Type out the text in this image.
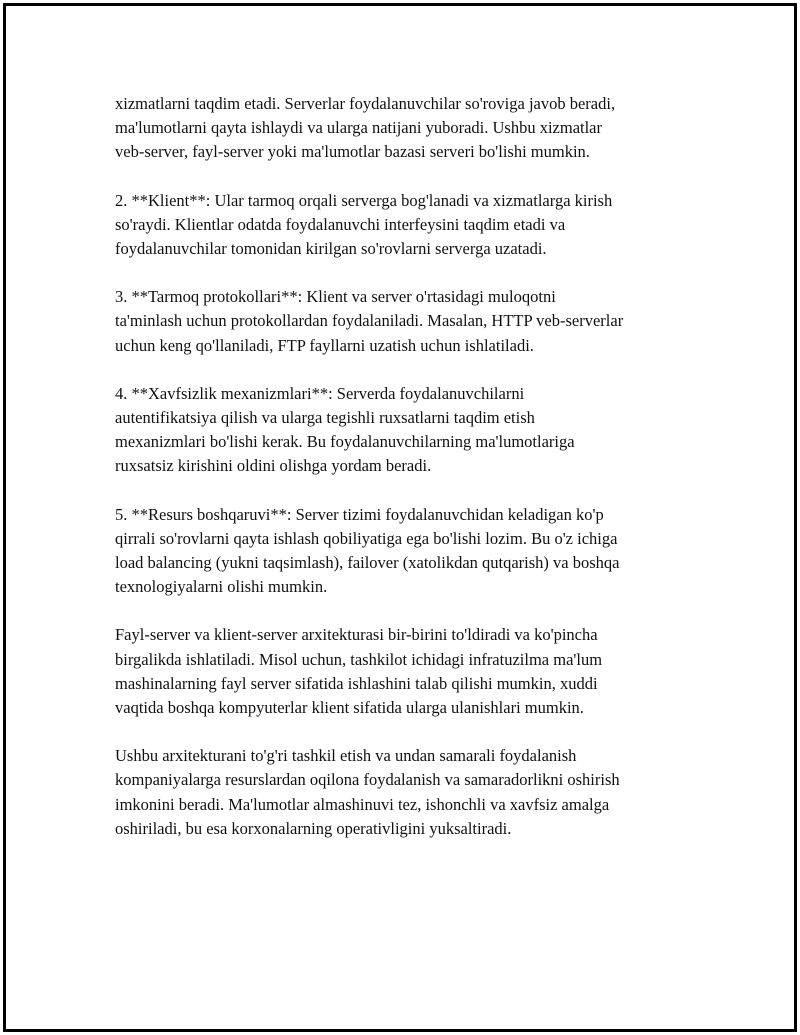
xizmatlarni taqdim etadi. Serverlar foydalanuvchilar so'roviga javob beradi,
ma'lumotlarni qayta ishlaydi va ularga natijani yuboradi. Ushbu xizmatlar
veb-server, fayl-server yoki ma'lumotlar bazasi serveri bo'lishi mumkin.

2. **Klient**: Ular tarmoq orqali serverga bog'lanadi va xizmatlarga kirish
so'raydi. Klientlar odatda foydalanuvchi interfeysini taqdim etadi va
foydalanuvchilar tomonidan kirilgan so'rovlarni serverga uzatadi.

3. **Tarmoq protokollari**: Klient va server o'rtasidagi muloqotni
ta'minlash uchun protokollardan foydalaniladi. Masalan, HTTP veb-serverlar
uchun keng qo'llaniladi, FTP fayllarni uzatish uchun ishlatiladi.

4. **Xavfsizlik mexanizmlari**: Serverda foydalanuvchilarni
autentifikatsiya qilish va ularga tegishli ruxsatlarni taqdim etish
mexanizmlari bo'lishi kerak. Bu foydalanuvchilarning ma'lumotlariga
ruxsatsiz kirishini oldini olishga yordam beradi.

5. **Resurs boshqaruvi**: Server tizimi foydalanuvchidan keladigan ko'p
qirrali so'rovlarni qayta ishlash qobiliyatiga ega bo'lishi lozim. Bu o'z ichiga
load balancing (yukni taqsimlash), failover (xatolikdan qutqarish) va boshqa
texnologiyalarni olishi mumkin.

Fayl-server va klient-server arxitekturasi bir-birini to'ldiradi va ko'pincha
birgalikda ishlatiladi. Misol uchun, tashkilot ichidagi infratuzilma ma'lum
mashinalarning fayl server sifatida ishlashini talab qilishi mumkin, xuddi
vaqtida boshqa kompyuterlar klient sifatida ularga ulanishlari mumkin.

Ushbu arxitekturani to'g'ri tashkil etish va undan samarali foydalanish
kompaniyalarga resurslardan oqilona foydalanish va samaradorlikni oshirish
imkonini beradi. Ma'lumotlar almashinuvi tez, ishonchli va xavfsiz amalga
oshiriladi, bu esa korxonalarning operativligini yuksaltiradi.
